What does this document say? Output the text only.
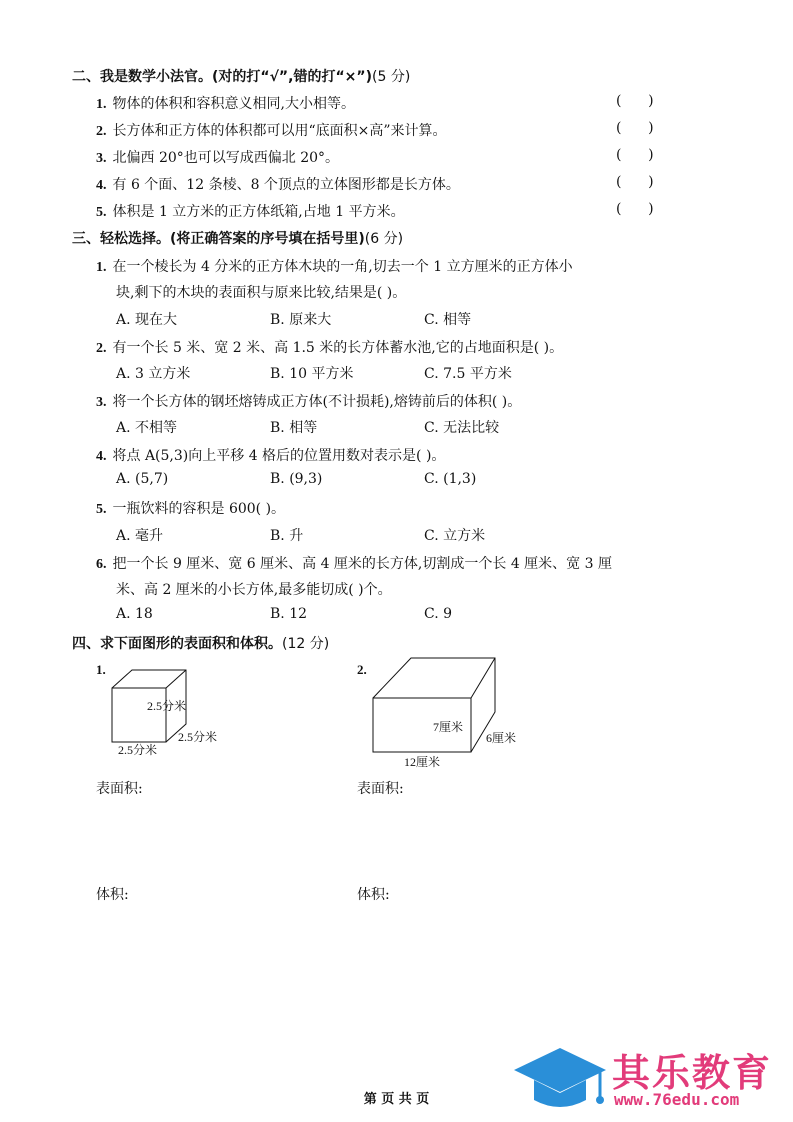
二、我是数学小法官。(对的打“√”,错的打“×”)(5 分)
1. 物体的体积和容积意义相同,大小相等。	(      )
2. 长方体和正方体的体积都可以用“底面积×高”来计算。	(      )
3. 北偏西 20°也可以写成西偏北 20°。	(      )
4. 有 6 个面、12 条棱、8 个顶点的立体图形都是长方体。	(      )
5. 体积是 1 立方米的正方体纸箱,占地 1 平方米。	(      )
三、轻松选择。(将正确答案的序号填在括号里)(6 分)
1. 在一个棱长为 4 分米的正方体木块的一角,切去一个 1 立方厘米的正方体小
块,剩下的木块的表面积与原来比较,结果是( )。
A. 现在大	B. 原来大	C. 相等
2. 有一个长 5 米、宽 2 米、高 1.5 米的长方体蓄水池,它的占地面积是( )。
A. 3 立方米	B. 10 平方米	C. 7.5 平方米
3. 将一个长方体的钢坯熔铸成正方体(不计损耗),熔铸前后的体积( )。
A. 不相等	B. 相等	C. 无法比较
4. 将点 A(5,3)向上平移 4 格后的位置用数对表示是( )。
A. (5,7)	B. (9,3)	C. (1,3)
5. 一瓶饮料的容积是 600( )。
A. 毫升	B. 升	C. 立方米
6. 把一个长 9 厘米、宽 6 厘米、高 4 厘米的长方体,切割成一个长 4 厘米、宽 3 厘
米、高 2 厘米的小长方体,最多能切成( )个。
A. 18	B. 12	C. 9
四、求下面图形的表面积和体积。(12 分)
1.
2.5分米
2.5分米
2.5分米
2.
7厘米
6厘米
12厘米
表面积:	表面积:
体积:	体积:
其乐教育
www.76edu.com
第 页 共 页
